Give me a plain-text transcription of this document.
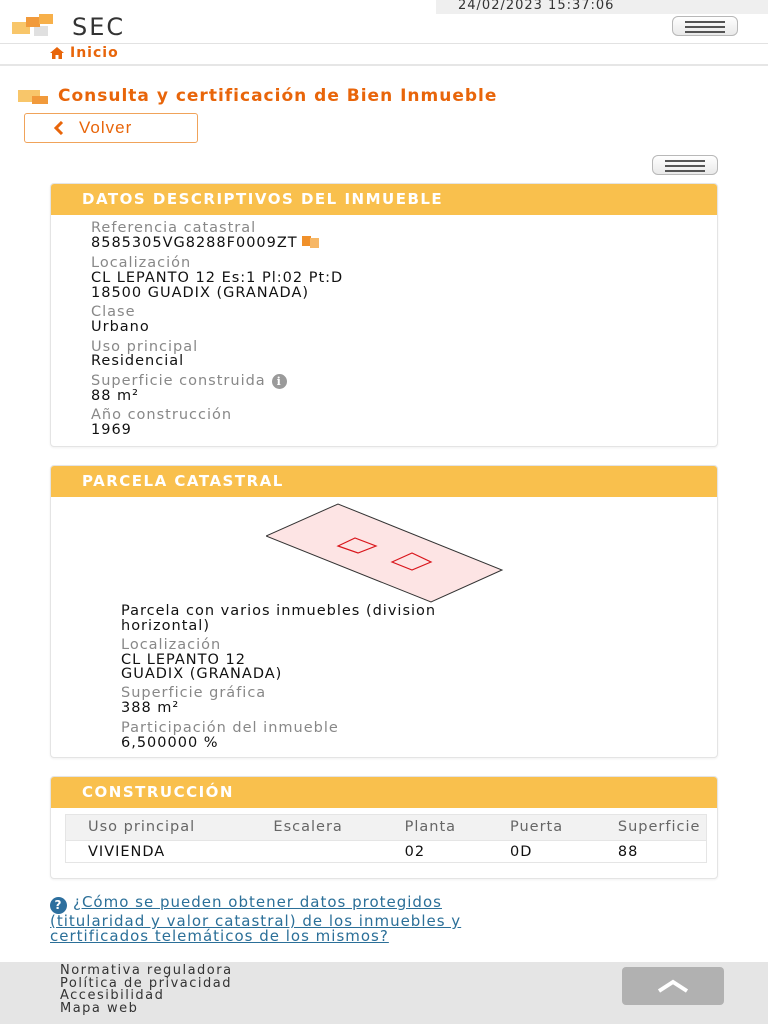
24/02/2023 15:37:06
SEC
Inicio
Consulta y certificación de Bien Inmueble
Volver
DATOS DESCRIPTIVOS DEL INMUEBLE
Referencia catastral
8585305VG8288F0009ZT
Localización
CL LEPANTO 12 Es:1 Pl:02 Pt:D
18500 GUADIX (GRANADA)
Clase
Urbano
Uso principal
Residencial
Superficie construida i
88 m²
Año construcción
1969
PARCELA CATASTRAL
Parcela con varios inmuebles (division
horizontal)
Localización
CL LEPANTO 12
GUADIX (GRANADA)
Superficie gráfica
388 m²
Participación del inmueble
6,500000 %
CONSTRUCCIÓN
Uso principal	Escalera	Planta	Puerta	Superficie
VIVIENDA		02	0D	88
? ¿Cómo se pueden obtener datos protegidos
(titularidad y valor catastral) de los inmuebles y
certificados telemáticos de los mismos?
Normativa reguladora
Política de privacidad
Accesibilidad
Mapa web
